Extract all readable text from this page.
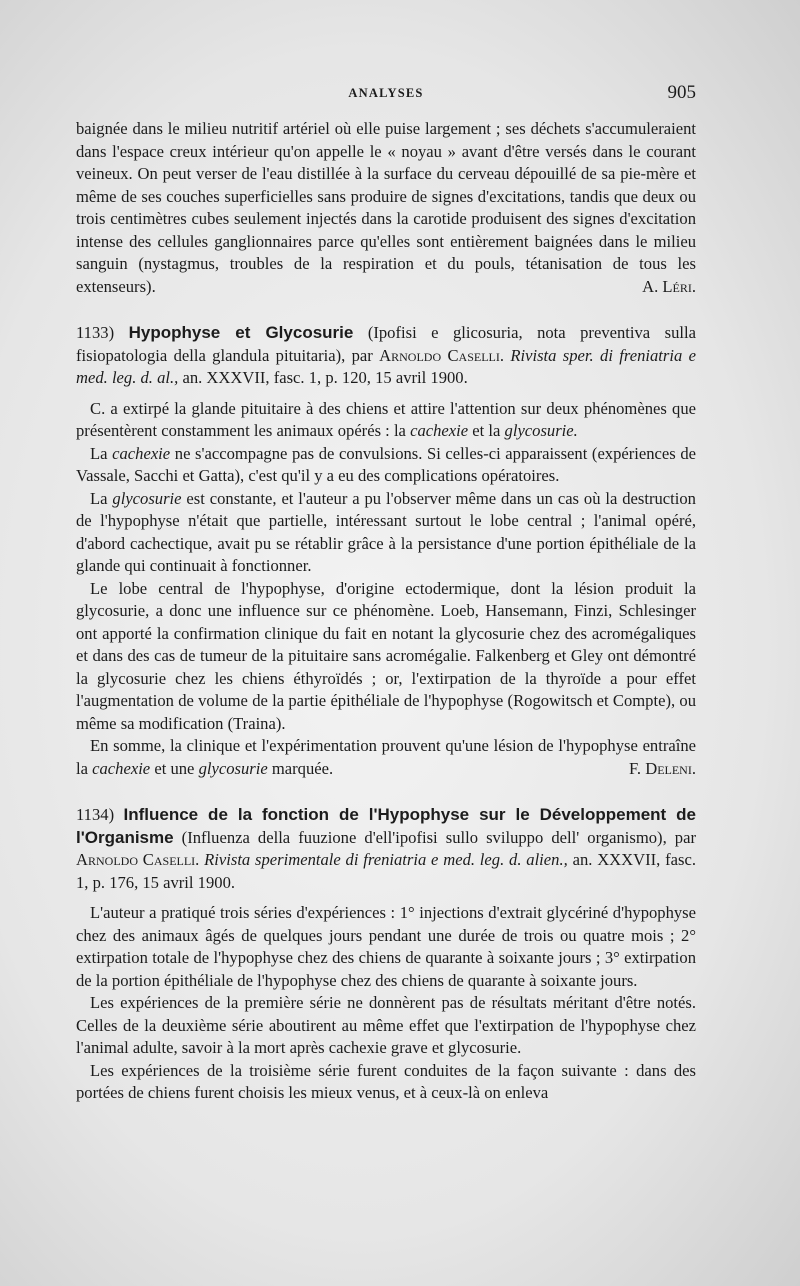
ANALYSES	905

baignée dans le milieu nutritif artériel où elle puise largement ; ses déchets s'accumuleraient dans l'espace creux intérieur qu'on appelle le « noyau » avant d'être versés dans le courant veineux. On peut verser de l'eau distillée à la surface du cerveau dépouillé de sa pie-mère et même de ses couches superficielles sans produire de signes d'excitations, tandis que deux ou trois centimètres cubes seulement injectés dans la carotide produisent des signes d'excitation intense des cellules ganglionnaires parce qu'elles sont entièrement baignées dans le milieu sanguin (nystagmus, troubles de la respiration et du pouls, tétanisation de tous les extenseurs).	A. Léri.

1133) Hypophyse et Glycosurie (Ipofisi e glicosuria, nota preventiva sulla fisiopatologia della glandula pituitaria), par Arnoldo Caselli. Rivista sper. di freniatria e med. leg. d. al., an. XXXVII, fasc. 1, p. 120, 15 avril 1900.

C. a extirpé la glande pituitaire à des chiens et attire l'attention sur deux phénomènes que présentèrent constamment les animaux opérés : la cachexie et la glycosurie.

La cachexie ne s'accompagne pas de convulsions. Si celles-ci apparaissent (expériences de Vassale, Sacchi et Gatta), c'est qu'il y a eu des complications opératoires.

La glycosurie est constante, et l'auteur a pu l'observer même dans un cas où la destruction de l'hypophyse n'était que partielle, intéressant surtout le lobe central ; l'animal opéré, d'abord cachectique, avait pu se rétablir grâce à la persistance d'une portion épithéliale de la glande qui continuait à fonctionner.

Le lobe central de l'hypophyse, d'origine ectodermique, dont la lésion produit la glycosurie, a donc une influence sur ce phénomène. Loeb, Hansemann, Finzi, Schlesinger ont apporté la confirmation clinique du fait en notant la glycosurie chez des acromégaliques et dans des cas de tumeur de la pituitaire sans acromégalie. Falkenberg et Gley ont démontré la glycosurie chez les chiens éthyroïdés ; or, l'extirpation de la thyroïde a pour effet l'augmentation de volume de la partie épithéliale de l'hypophyse (Rogowitsch et Compte), ou même sa modification (Traina).

En somme, la clinique et l'expérimentation prouvent qu'une lésion de l'hypophyse entraîne la cachexie et une glycosurie marquée.	F. Deleni.

1134) Influence de la fonction de l'Hypophyse sur le Développement de l'Organisme (Influenza della fuuzione d'ell'ipofisi sullo sviluppo dell' organismo), par Arnoldo Caselli. Rivista sperimentale di freniatria e med. leg. d. alien., an. XXXVII, fasc. 1, p. 176, 15 avril 1900.

L'auteur a pratiqué trois séries d'expériences : 1° injections d'extrait glycériné d'hypophyse chez des animaux âgés de quelques jours pendant une durée de trois ou quatre mois ; 2° extirpation totale de l'hypophyse chez des chiens de quarante à soixante jours ; 3° extirpation de la portion épithéliale de l'hypophyse chez des chiens de quarante à soixante jours.

Les expériences de la première série ne donnèrent pas de résultats méritant d'être notés. Celles de la deuxième série aboutirent au même effet que l'extirpation de l'hypophyse chez l'animal adulte, savoir à la mort après cachexie grave et glycosurie.

Les expériences de la troisième série furent conduites de la façon suivante : dans des portées de chiens furent choisis les mieux venus, et à ceux-là on enleva
